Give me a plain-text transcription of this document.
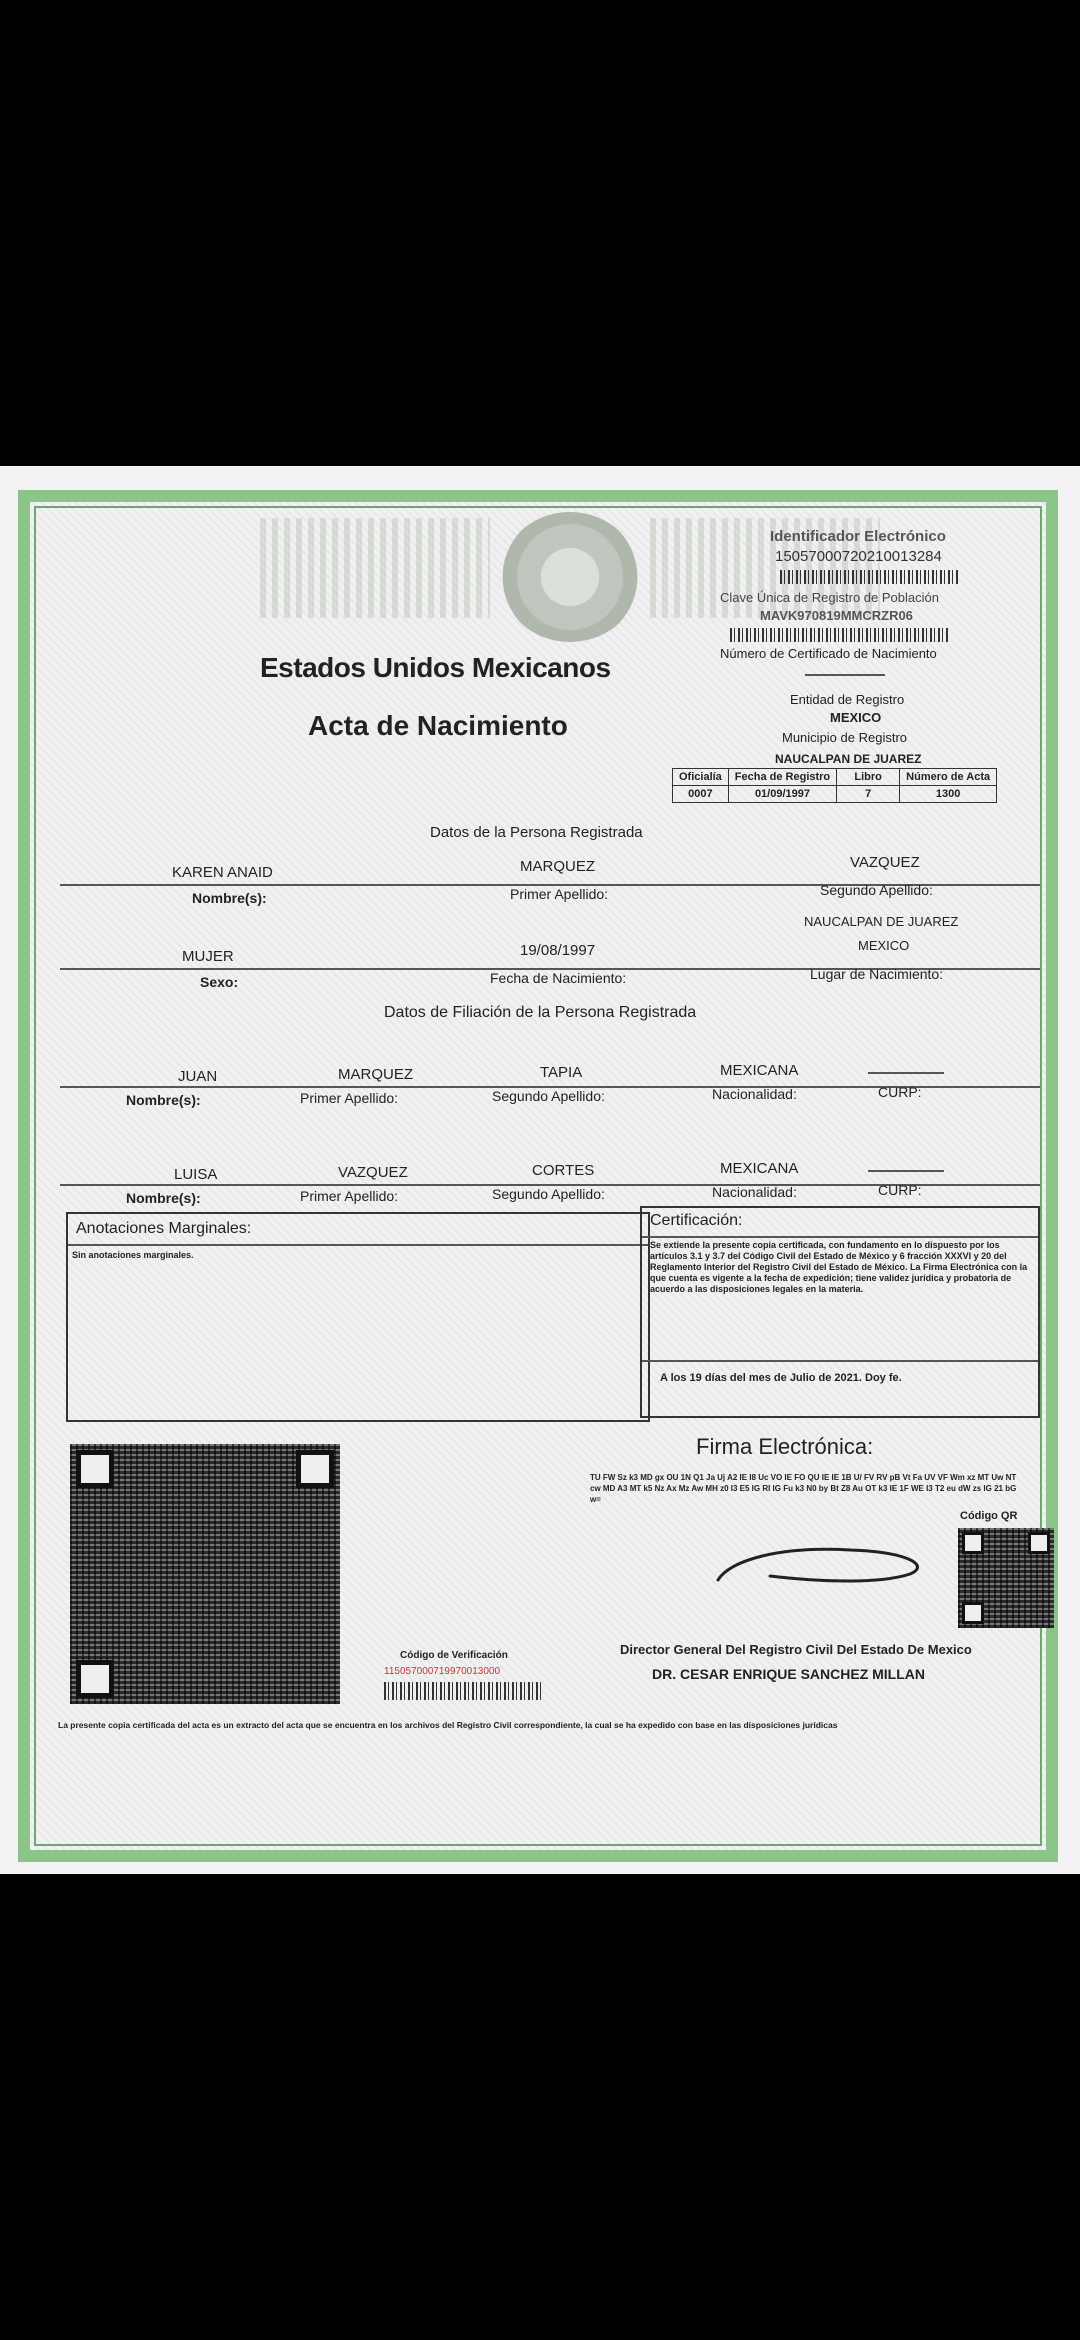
Identificador Electrónico
15057000720210013284
Clave Única de Registro de Población
MAVK970819MMCRZR06
Número de Certificado de Nacimiento
Estados Unidos Mexicanos
Acta de Nacimiento
Entidad de Registro
MEXICO
Municipio de Registro
NAUCALPAN DE JUAREZ
Oficialía	Fecha de Registro	Libro	Número de Acta
0007	01/09/1997	7	1300
Datos de la Persona Registrada
KAREN ANAID	MARQUEZ	VAZQUEZ
Nombre(s):	Primer Apellido:	Segundo Apellido:
NAUCALPAN DE JUAREZ
MUJER	19/08/1997	MEXICO
Sexo:	Fecha de Nacimiento:	Lugar de Nacimiento:
Datos de Filiación de la Persona Registrada
JUAN	MARQUEZ	TAPIA	MEXICANA
Nombre(s):	Primer Apellido:	Segundo Apellido:	Nacionalidad:	CURP:
LUISA	VAZQUEZ	CORTES	MEXICANA
Nombre(s):	Primer Apellido:	Segundo Apellido:	Nacionalidad:	CURP:
Anotaciones Marginales:
Sin anotaciones marginales.
Certificación:
Se extiende la presente copia certificada, con fundamento en lo dispuesto por los artículos 3.1 y 3.7 del Código Civil del Estado de México y 6 fracción XXXVI y 20 del Reglamento Interior del Registro Civil del Estado de México. La Firma Electrónica con la que cuenta es vigente a la fecha de expedición; tiene validez jurídica y probatoria de acuerdo a las disposiciones legales en la materia.
A los 19 días del mes de Julio de 2021. Doy fe.
Firma Electrónica:
TU FW Sz k3 MD gx OU 1N Q1 Ja Uj A2 IE I8 Uc VO IE FO QU IE IE 1B U/ FV RV pB Vt Fa UV VF Wm xz MT Uw NT cw MD A3 MT k5 Nz Ax Mz Aw MH z0 I3 E5 IG RI IG Fu k3 N0 by Bt Z8 Au OT k3 IE 1F WE I3 T2 eu dW zs IG 21 bG w=
Código QR
Código de Verificación
115057000719970013000
Director General Del Registro Civil Del Estado De Mexico
DR. CESAR ENRIQUE SANCHEZ MILLAN
La presente copia certificada del acta es un extracto del acta que se encuentra en los archivos del Registro Civil correspondiente, la cual se ha expedido con base en las disposiciones jurídicas
